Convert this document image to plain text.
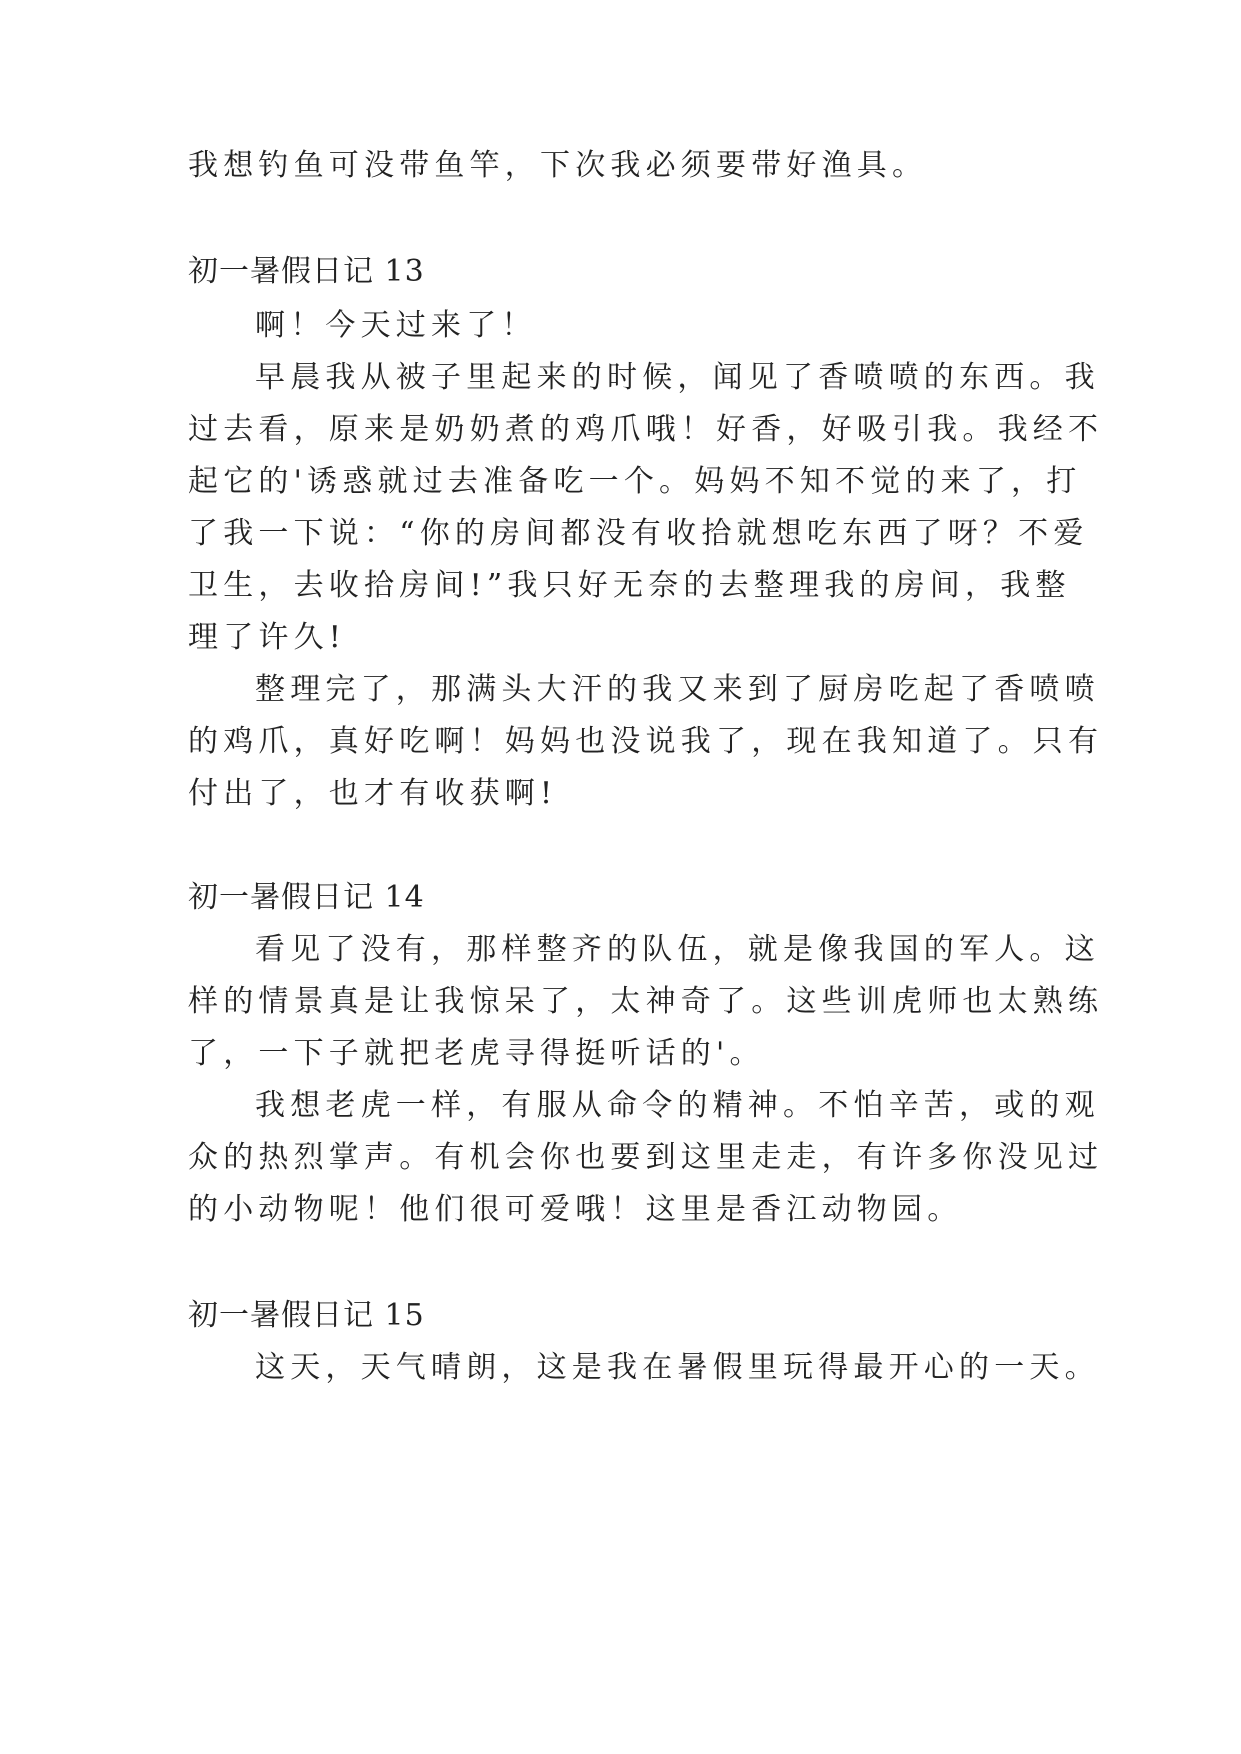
我想钓鱼可没带鱼竿，下次我必须要带好渔具。
初一暑假日记 13
啊！今天过来了！
早晨我从被子里起来的时候，闻见了香喷喷的东西。我
过去看，原来是奶奶煮的鸡爪哦！好香，好吸引我。我经不
起它的'诱惑就过去准备吃一个。妈妈不知不觉的来了，打
了我一下说：“你的房间都没有收拾就想吃东西了呀？不爱
卫生，去收拾房间!”我只好无奈的去整理我的房间，我整
理了许久!
整理完了，那满头大汗的我又来到了厨房吃起了香喷喷
的鸡爪，真好吃啊！妈妈也没说我了，现在我知道了。只有
付出了，也才有收获啊!
初一暑假日记 14
看见了没有，那样整齐的队伍，就是像我国的军人。这
样的情景真是让我惊呆了，太神奇了。这些训虎师也太熟练
了，一下子就把老虎寻得挺听话的'。
我想老虎一样，有服从命令的精神。不怕辛苦，或的观
众的热烈掌声。有机会你也要到这里走走，有许多你没见过
的小动物呢！他们很可爱哦！这里是香江动物园。
初一暑假日记 15
这天，天气晴朗，这是我在暑假里玩得最开心的一天。
